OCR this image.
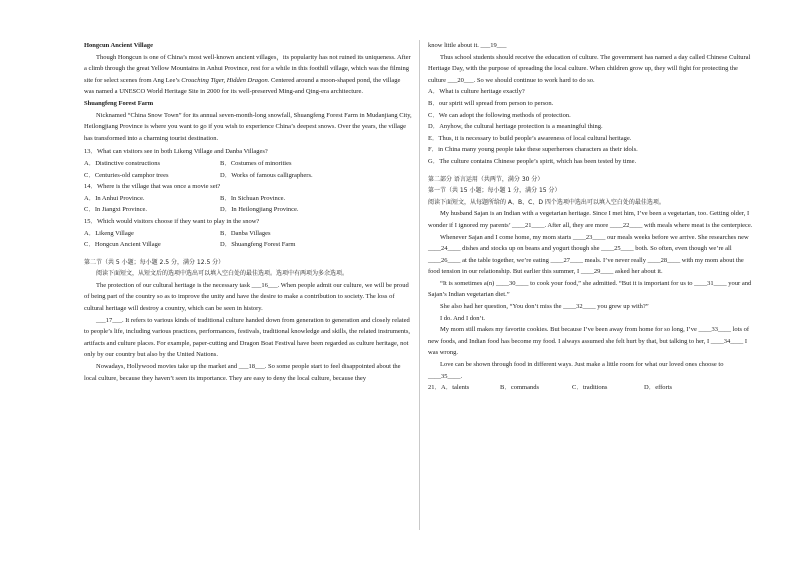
Hongcun Ancient Village

Though Hongcun is one of China’s most well-known ancient villages，its popularity has not ruined its uniqueness. After a climb through the great Yellow Mountains in Anhui Province, rest for a while in this foothill village, which was the filming site for select scenes from Ang Lee’s Crouching Tiger, Hidden Dragon. Centered around a moon-shaped pond, the village was named a UNESCO World Heritage Site in 2000 for its well-preserved Ming-and Qing-era architecture.

Shuangfeng Forest Farm

Nicknamed “China Snow Town” for its annual seven-month-long snowfall, Shuangfeng Forest Farm in Mudanjiang City, Heilongjiang Province is where you want to go if you wish to experience China’s deepest snows. Over the years, the village has transformed into a charming tourist destination.

13．What can visitors see in both Likeng Village and Danba Villages?

A．Distinctive constructions	B．Costumes of minorities
C．Centuries-old camphor trees	D．Works of famous calligraphers.

14．Where is the village that was once a movie set?

A．In Anhui Province.	B．In Sichuan Province.
C．In Jiangxi Province.	D．In Heilongjiang Province.

15．Which would visitors choose if they want to play in the snow?

A．Likeng Village	B．Danba Villages
C．Hongcun Ancient Village	D．Shuangfeng Forest Farm

第二节（共 5 小题；每小题 2.5 分，满分 12.5 分）

阅读下面短文，从短文后的选项中选出可以填入空白处的最佳选项。选项中有两项为多余选项。

The protection of our cultural heritage is the necessary task ___16___. When people admit our culture, we will be proud of being part of the country so as to improve the unity and have the desire to make a contribution to society. The loss of cultural heritage will destroy a country, which can be seen in history.

___17___. It refers to various kinds of traditional culture handed down from generation to generation and closely related to people’s life, including various practices, performances, festivals, traditional knowledge and skills, the related instruments, artifacts and culture places. For example, paper-cutting and Dragon Boat Festival have been regarded as culture heritage, not only by our country but also by the United Nations.

Nowadays, Hollywood movies take up the market and ___18___. So some people start to feel disappointed about the local culture, because they haven’t seen its importance. They are easy to deny the local culture, because they

know little about it. ___19___

Thus school students should receive the education of culture. The government has named a day called Chinese Cultural Heritage Day, with the purpose of spreading the local culture. When children grow up, they will fight for protecting the culture ___20___. So we should continue to work hard to do so.

A．What is culture heritage exactly?

B．our spirit will spread from person to person.

C．We can adopt the following methods of protection.

D．Anyhow, the cultural heritage protection is a meaningful thing.

E．Thus, it is necessary to build people’s awareness of local cultural heritage.

F．in China many young people take these superheroes characters as their idols.

G．The culture contains Chinese people’s spirit, which has been tested by time.

第二部分 语言运用（共两节，满分 30 分）

第一节（共 15 小题；每小题 1 分，满分 15 分）

阅读下面短文，从每题所给的 A、B、C、D 四个选项中选出可以填入空白处的最佳选项。

My husband Sajan is an Indian with a vegetarian heritage. Since I met him, I’ve been a vegetarian, too. Getting older, I wonder if I ignored my parents’ ____21____. After all, they are more ____22____ with meals where meat is the centerpiece.

Whenever Sajan and I come home, my mom starts ____23____ our meals weeks before we arrive. She researches new ____24____ dishes and stocks up on beans and yogurt though she ____25____ both. So often, even though we’re all ____26____ at the table together, we’re eating ____27____ meals. I’ve never really ____28____ with my mom about the food tension in our relationship. But earlier this summer, I ____29____ asked her about it.

“It is sometimes a(n) ____30____ to cook your food,” she admitted. “But it is important for us to ____31____ your and Sajan’s Indian vegetarian diet.”

She also had her question, “You don’t miss the ____32____ you grew up with?”

I do. And I don’t.

My mom still makes my favorite cookies. But because I’ve been away from home for so long, I’ve ____33____ lots of new foods, and Indian food has become my food. I always assumed she felt hurt by that, but talking to her, I ____34____ I was wrong.

Love can be shown through food in different ways. Just make a little room for what our loved ones choose to ____35____.

21．A．talents	B．commands	C．traditions	D．efforts
